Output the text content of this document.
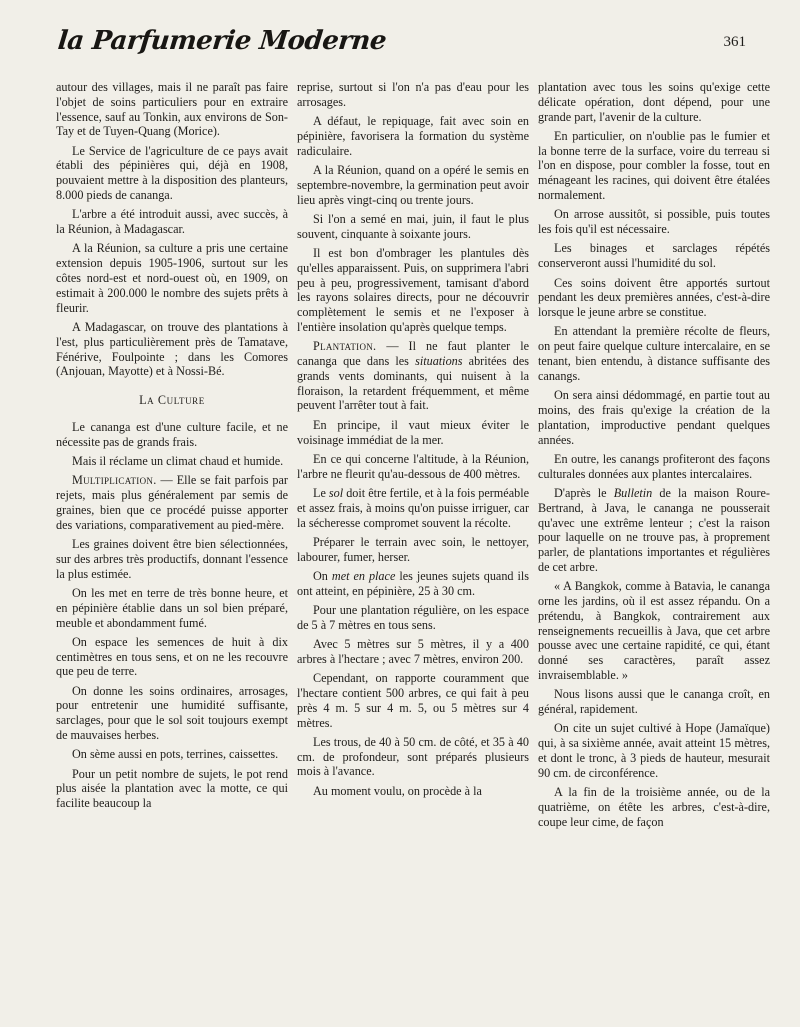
la Parfumerie Moderne	361

autour des villages, mais il ne paraît pas faire l'objet de soins particuliers pour en extraire l'essence, sauf au Tonkin, aux environs de Son-Tay et de Tuyen-Quang (Morice).

Le Service de l'agriculture de ce pays avait établi des pépinières qui, déjà en 1908, pouvaient mettre à la disposition des planteurs, 8.000 pieds de cananga.

L'arbre a été introduit aussi, avec succès, à la Réunion, à Madagascar.

A la Réunion, sa culture a pris une certaine extension depuis 1905-1906, surtout sur les côtes nord-est et nord-ouest où, en 1909, on estimait à 200.000 le nombre des sujets prêts à fleurir.

A Madagascar, on trouve des plantations à l'est, plus particulièrement près de Tamatave, Fénérive, Foulpointe ; dans les Comores (Anjouan, Mayotte) et à Nossi-Bé.

La Culture

Le cananga est d'une culture facile, et ne nécessite pas de grands frais.

Mais il réclame un climat chaud et humide.

Multiplication. — Elle se fait parfois par rejets, mais plus généralement par semis de graines, bien que ce procédé puisse apporter des variations, comparativement au pied-mère.

Les graines doivent être bien sélectionnées, sur des arbres très productifs, donnant l'essence la plus estimée.

On les met en terre de très bonne heure, et en pépinière établie dans un sol bien préparé, meuble et abondamment fumé.

On espace les semences de huit à dix centimètres en tous sens, et on ne les recouvre que peu de terre.

On donne les soins ordinaires, arrosages, pour entretenir une humidité suffisante, sarclages, pour que le sol soit toujours exempt de mauvaises herbes.

On sème aussi en pots, terrines, caissettes.

Pour un petit nombre de sujets, le pot rend plus aisée la plantation avec la motte, ce qui facilite beaucoup la

reprise, surtout si l'on n'a pas d'eau pour les arrosages.

A défaut, le repiquage, fait avec soin en pépinière, favorisera la formation du système radiculaire.

A la Réunion, quand on a opéré le semis en septembre-novembre, la germination peut avoir lieu après vingt-cinq ou trente jours.

Si l'on a semé en mai, juin, il faut le plus souvent, cinquante à soixante jours.

Il est bon d'ombrager les plantules dès qu'elles apparaissent. Puis, on supprimera l'abri peu à peu, progressivement, tamisant d'abord les rayons solaires directs, pour ne découvrir complètement le semis et ne l'exposer à l'entière insolation qu'après quelque temps.

Plantation. — Il ne faut planter le cananga que dans les situations abritées des grands vents dominants, qui nuisent à la floraison, la retardent fréquemment, et même peuvent l'arrêter tout à fait.

En principe, il vaut mieux éviter le voisinage immédiat de la mer.

En ce qui concerne l'altitude, à la Réunion, l'arbre ne fleurit qu'au-dessous de 400 mètres.

Le sol doit être fertile, et à la fois perméable et assez frais, à moins qu'on puisse irriguer, car la sécheresse compromet souvent la récolte.

Préparer le terrain avec soin, le nettoyer, labourer, fumer, herser.

On met en place les jeunes sujets quand ils ont atteint, en pépinière, 25 à 30 cm.

Pour une plantation régulière, on les espace de 5 à 7 mètres en tous sens.

Avec 5 mètres sur 5 mètres, il y a 400 arbres à l'hectare ; avec 7 mètres, environ 200.

Cependant, on rapporte couramment que l'hectare contient 500 arbres, ce qui fait à peu près 4 m. 5 sur 4 m. 5, ou 5 mètres sur 4 mètres.

Les trous, de 40 à 50 cm. de côté, et 35 à 40 cm. de profondeur, sont préparés plusieurs mois à l'avance.

Au moment voulu, on procède à la

plantation avec tous les soins qu'exige cette délicate opération, dont dépend, pour une grande part, l'avenir de la culture.

En particulier, on n'oublie pas le fumier et la bonne terre de la surface, voire du terreau si l'on en dispose, pour combler la fosse, tout en ménageant les racines, qui doivent être étalées normalement.

On arrose aussitôt, si possible, puis toutes les fois qu'il est nécessaire.

Les binages et sarclages répétés conserveront aussi l'humidité du sol.

Ces soins doivent être apportés surtout pendant les deux premières années, c'est-à-dire lorsque le jeune arbre se constitue.

En attendant la première récolte de fleurs, on peut faire quelque culture intercalaire, en se tenant, bien entendu, à distance suffisante des canangs.

On sera ainsi dédommagé, en partie tout au moins, des frais qu'exige la création de la plantation, improductive pendant quelques années.

En outre, les canangs profiteront des façons culturales données aux plantes intercalaires.

D'après le Bulletin de la maison Roure-Bertrand, à Java, le cananga ne pousserait qu'avec une extrême lenteur ; c'est la raison pour laquelle on ne trouve pas, à proprement parler, de plantations importantes et régulières de cet arbre.

« A Bangkok, comme à Batavia, le cananga orne les jardins, où il est assez répandu. On a prétendu, à Bangkok, contrairement aux renseignements recueillis à Java, que cet arbre pousse avec une certaine rapidité, ce qui, étant donné ses caractères, paraît assez invraisemblable. »

Nous lisons aussi que le cananga croît, en général, rapidement.

On cite un sujet cultivé à Hope (Jamaïque) qui, à sa sixième année, avait atteint 15 mètres, et dont le tronc, à 3 pieds de hauteur, mesurait 90 cm. de circonférence.

A la fin de la troisième année, ou de la quatrième, on étête les arbres, c'est-à-dire, coupe leur cime, de façon
